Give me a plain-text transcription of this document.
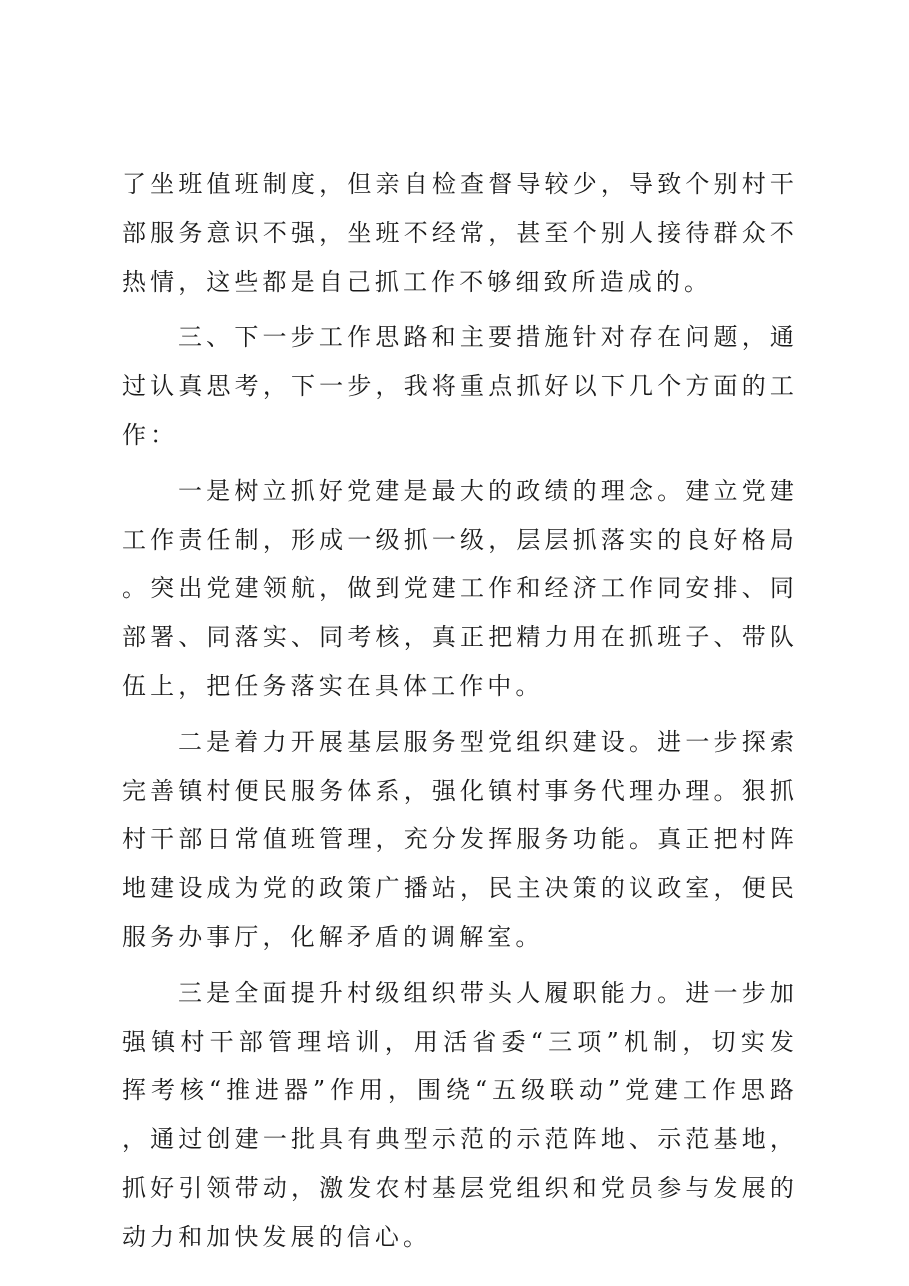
了坐班值班制度，但亲自检查督导较少，导致个别村干部服务意识不强，坐班不经常，甚至个别人接待群众不热情，这些都是自己抓工作不够细致所造成的。

三、下一步工作思路和主要措施针对存在问题，通过认真思考，下一步，我将重点抓好以下几个方面的工作：

一是树立抓好党建是最大的政绩的理念。建立党建工作责任制，形成一级抓一级，层层抓落实的良好格局。突出党建领航，做到党建工作和经济工作同安排、同部署、同落实、同考核，真正把精力用在抓班子、带队伍上，把任务落实在具体工作中。

二是着力开展基层服务型党组织建设。进一步探索完善镇村便民服务体系，强化镇村事务代理办理。狠抓村干部日常值班管理，充分发挥服务功能。真正把村阵地建设成为党的政策广播站，民主决策的议政室，便民服务办事厅，化解矛盾的调解室。

三是全面提升村级组织带头人履职能力。进一步加强镇村干部管理培训，用活省委“三项”机制，切实发挥考核“推进器”作用，围绕“五级联动”党建工作思路，通过创建一批具有典型示范的示范阵地、示范基地，抓好引领带动，激发农村基层党组织和党员参与发展的动力和加快发展的信心。
